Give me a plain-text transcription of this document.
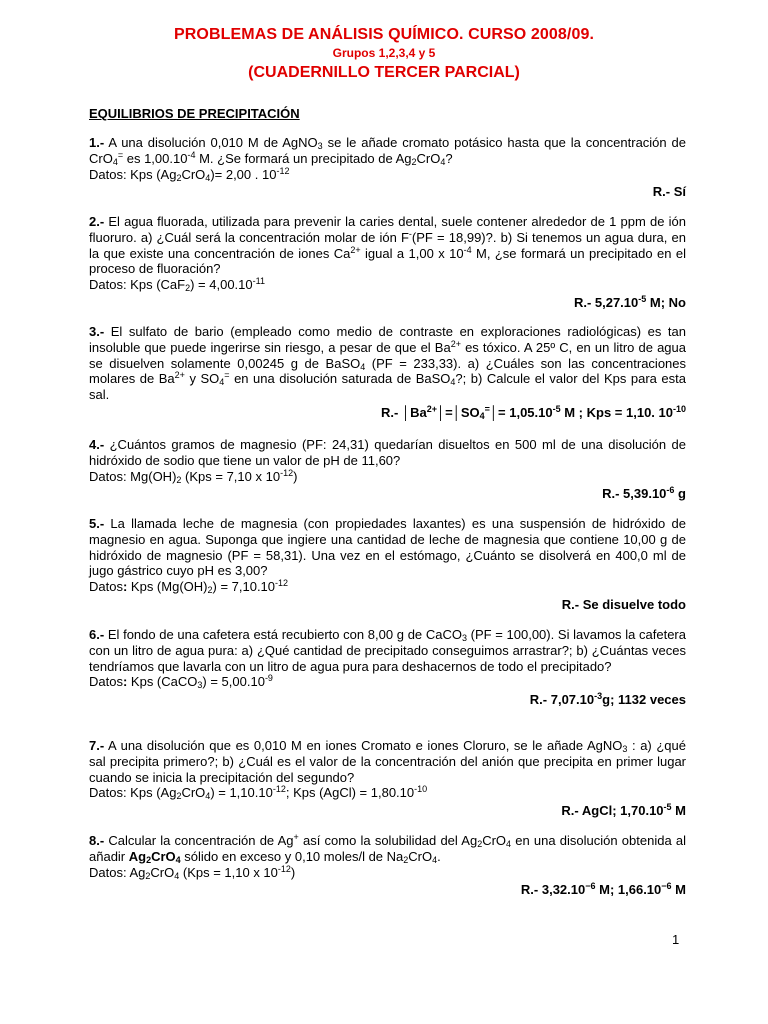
PROBLEMAS DE ANÁLISIS QUÍMICO. CURSO 2008/09.
Grupos 1,2,3,4 y 5
(CUADERNILLO TERCER PARCIAL)
EQUILIBRIOS DE PRECIPITACIÓN
1.- A una disolución 0,010 M de AgNO$_3$ se le añade cromato potásico hasta que la concentración de CrO$_4$= es $1,00.10^{-4}$ M. ¿Se formará un precipitado de $Ag_2CrO_4$?
Datos: Kps $(Ag_2CrO_4)= 2,00$ . $10^{-12}$
R.- Sí
2.- El agua fluorada, utilizada para prevenir la caries dental, suele contener alrededor de 1 ppm de ión fluoruro. a) ¿Cuál será la concentración molar de ión F-(PF = 18,99)?. b) Si tenemos un agua dura, en la que existe una concentración de iones $Ca^{2+}$ igual a 1,00 x $10^{-4}$ M, ¿se formará un precipitado en el proceso de fluoración?
Datos: Kps $(CaF_2) = 4,00.10^{-11}$
R.- $5,27.10^{-5}$ M; No
3.- El sulfato de bario (empleado como medio de contraste en exploraciones radiológicas) es tan insoluble que puede ingerirse sin riesgo, a pesar de que el $Ba^{2+}$ es tóxico. A 25º C, en un litro de agua se disuelven solamente 0,00245 g de BaSO$_4$ (PF = 233,33). a) ¿Cuáles son las concentraciones molares de $Ba^{2+}$ y $SO_4^=$ en una disolución saturada de BaSO$_4$?; b) Calcule el valor del Kps para esta sal.
R.- $│Ba^{2+}│=│SO_4^=│= 1,05.10^{-5}$ M ; Kps = 1,10. $10^{-10}$
4.- ¿Cuántos gramos de magnesio (PF: 24,31) quedarían disueltos en 500 ml de una disolución de hidróxido de sodio que tiene un valor de pH de 11,60?
Datos: $Mg(OH)_2$ (Kps = 7,10 x $10^{-12}$)
R.- $5,39.10^{-6}$ g
5.- La llamada leche de magnesia (con propiedades laxantes) es una suspensión de hidróxido de magnesio en agua. Suponga que ingiere una cantidad de leche de magnesia que contiene 10,00 g de hidróxido de magnesio (PF = 58,31). Una vez en el estómago, ¿Cuánto se disolverá en 400,0 ml de jugo gástrico cuyo pH es 3,00?
Datos: Kps $(Mg(OH)_2) = 7,10.10^{-12}$
R.- Se disuelve todo
6.- El fondo de una cafetera está recubierto con 8,00 g de CaCO$_3$ (PF = 100,00). Si lavamos la cafetera con un litro de agua pura: a) ¿Qué cantidad de precipitado conseguimos arrastrar?; b) ¿Cuántas veces tendríamos que lavarla con un litro de agua pura para deshacernos de todo el precipitado?
Datos: Kps (CaCO$_3$) = $5,00.10^{-9}$
R.- $7,07.10^{-3}g$; 1132 veces
7.- A una disolución que es 0,010 M en iones Cromato e iones Cloruro, se le añade AgNO$_3$ : a) ¿qué sal precipita primero?; b) ¿Cuál es el valor de la concentración del anión que precipita en primer lugar cuando se inicia la precipitación del segundo?
Datos: Kps $(Ag_2CrO_4) = 1,10.10^{-12}$; Kps (AgCl) = $1,80.10^{-10}$
R.- AgCl; $1,70.10^{-5}$ M
8.- Calcular la concentración de Ag+ así como la solubilidad del $Ag_2CrO_4$ en una disolución obtenida al añadir $Ag_2CrO_4$ sólido en exceso y 0,10 moles/l de $Na_2CrO_4$.
Datos: $Ag_2CrO_4$ (Kps = 1,10 x $10^{-12}$)
R.- $3,32.10^{-6}$ M; $1,66.10^{-6}$ M
1
